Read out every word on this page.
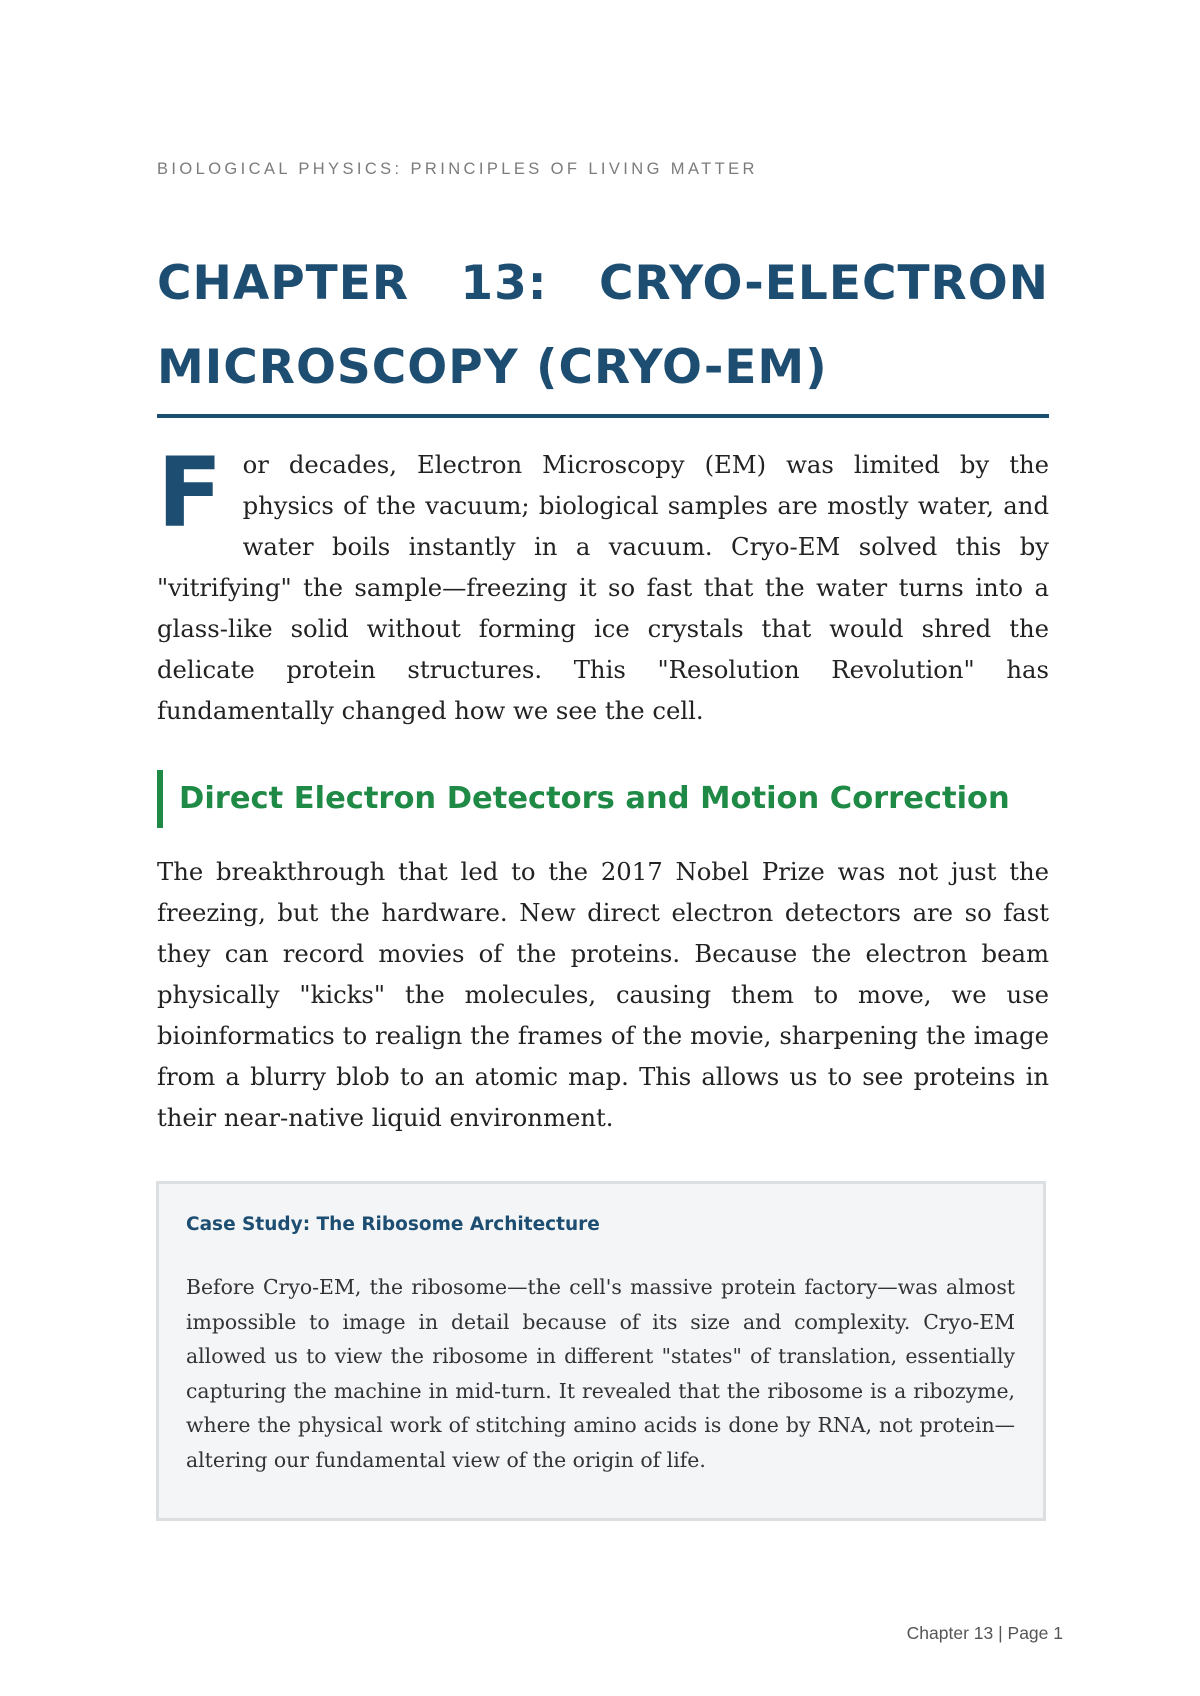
BIOLOGICAL PHYSICS: PRINCIPLES OF LIVING MATTER
CHAPTER 13: CRYO-ELECTRON MICROSCOPY (CRYO-EM)

For decades, Electron Microscopy (EM) was limited by the physics of the vacuum; biological samples are mostly water, and water boils instantly in a vacuum. Cryo-EM solved this by "vitrifying" the sample—freezing it so fast that the water turns into a glass-like solid without forming ice crystals that would shred the delicate protein structures. This "Resolution Revolution" has fundamentally changed how we see the cell.

Direct Electron Detectors and Motion Correction

The breakthrough that led to the 2017 Nobel Prize was not just the freezing, but the hardware. New direct electron detectors are so fast they can record movies of the proteins. Because the electron beam physically "kicks" the molecules, causing them to move, we use bioinformatics to realign the frames of the movie, sharpening the image from a blurry blob to an atomic map. This allows us to see proteins in their near-native liquid environment.

Case Study: The Ribosome Architecture

Before Cryo-EM, the ribosome—the cell's massive protein factory—was almost impossible to image in detail because of its size and complexity. Cryo-EM allowed us to view the ribosome in different "states" of translation, essentially capturing the machine in mid-turn. It revealed that the ribosome is a ribozyme, where the physical work of stitching amino acids is done by RNA, not protein—altering our fundamental view of the origin of life.

Chapter 13 | Page 1
